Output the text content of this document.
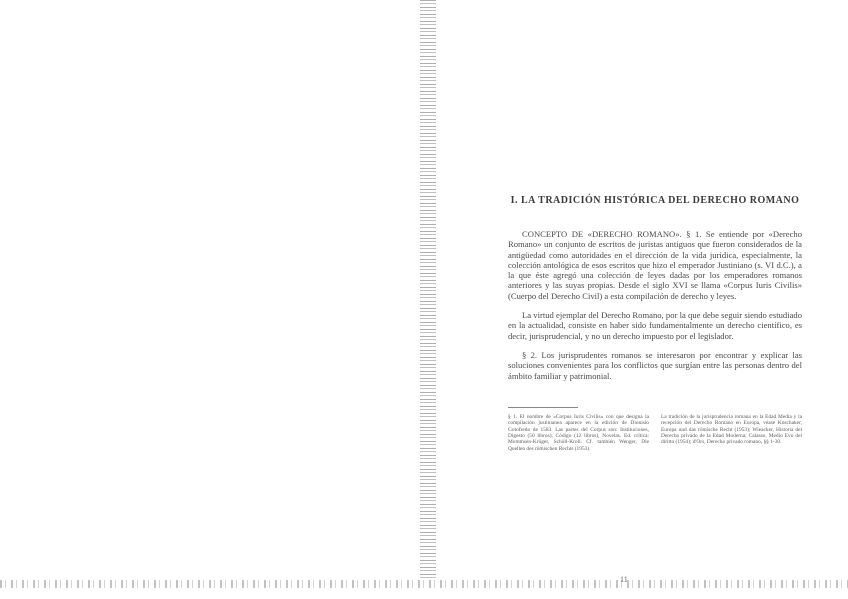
I. LA TRADICIÓN HISTÓRICA DEL DERECHO ROMANO

CONCEPTO DE «DERECHO ROMANO». § 1. Se entiende por «Derecho Romano» un conjunto de escritos de juristas antiguos que fueron considerados de la antigüedad como autoridades en el dirección de la vida jurídica, especialmente, la colección antológica de esos escritos que hizo el emperador Justiniano (s. VI d.C.), a la que éste agregó una colección de leyes dadas por los emperadores romanos anteriores y las suyas propias. Desde el siglo XVI se llama «Corpus Iuris Civilis» (Cuerpo del Derecho Civil) a esta compilación de derecho y leyes.

La virtud ejemplar del Derecho Romano, por la que debe seguir siendo estudiado en la actualidad, consiste en haber sido fundamentalmente un derecho científico, es decir, jurisprudencial, y no un derecho impuesto por el legislador.

§ 2. Los jurisprudentes romanos se interesaron por encontrar y explicar las soluciones convenientes para los conflictos que surgían entre las personas dentro del ámbito familiar y patrimonial.

§ 1. El nombre de «Corpus Iuris Civilis» con que designa la compilación justinianea aparece en la edición de Dionisio Gotofredo de 1583. Las partes del Corpus son: Instituciones, Digesto (50 libros), Código (12 libros), Novelas. Ed. crítica: Mommsen-Krüger, Schöll-Kroll. Cf. también Wenger, Die Quellen des römischen Rechts (1953).
La tradición de la jurisprudencia romana en la Edad Media y la recepción del Derecho Romano en Europa, véase Koschaker, Europa und das römische Recht (1953); Wieacker, Historia del Derecho privado de la Edad Moderna; Calasso, Medio Evo del diritto (1954); d'Ors, Derecho privado romano, §§ 1-30.
11
